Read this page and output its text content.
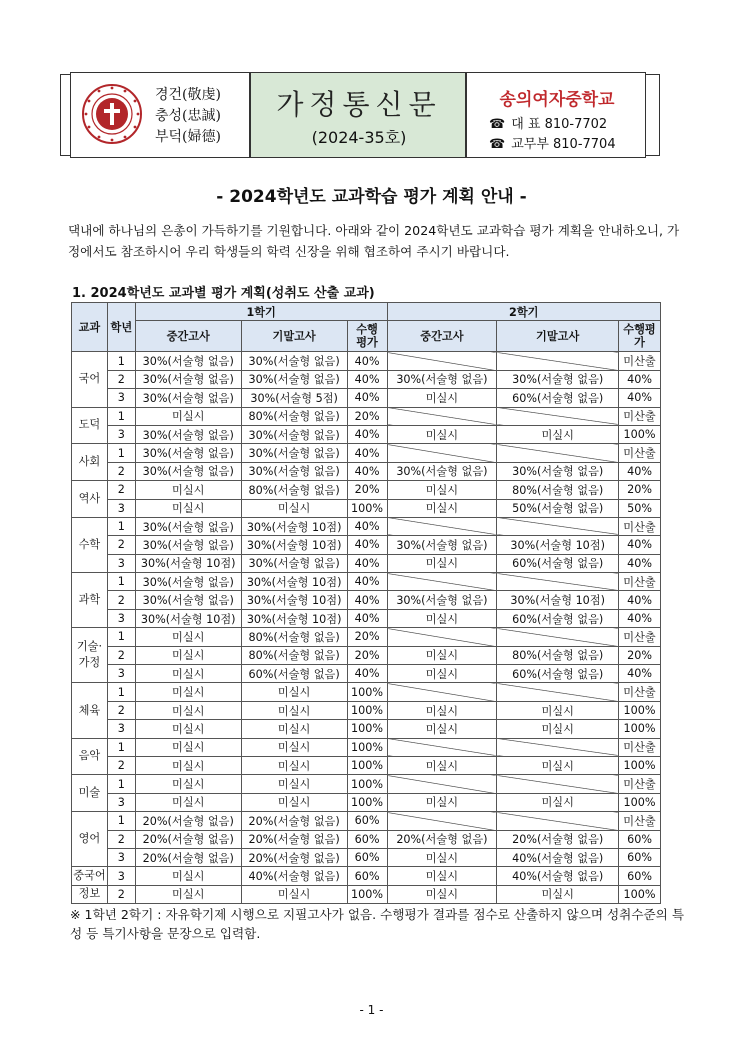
경건(敬虔)
충성(忠誠)
부덕(婦德)
가정통신문
(2024-35호)
송의여자중학교
☎ 대 표 810-7702
☎ 교무부 810-7704
- 2024학년도 교과학습 평가 계획 안내 -
댁내에 하나님의 은총이 가득하기를 기원합니다. 아래와 같이 2024학년도 교과학습 평가 계획을 안내하오니, 가정에서도 참조하시어 우리 학생들의 학력 신장을 위해 협조하여 주시기 바랍니다.
1. 2024학년도 교과별 평가 계획(성취도 산출 교과)
교과	학년	1학기			2학기		
		중간고사	기말고사	수행평가	중간고사	기말고사	수행평가
국어	1	30%(서술형 없음)	30%(서술형 없음)	40%			미산출
	2	30%(서술형 없음)	30%(서술형 없음)	40%	30%(서술형 없음)	30%(서술형 없음)	40%
	3	30%(서술형 없음)	30%(서술형 5점)	40%	미실시	60%(서술형 없음)	40%
도덕	1	미실시	80%(서술형 없음)	20%			미산출
	3	30%(서술형 없음)	30%(서술형 없음)	40%	미실시	미실시	100%
사회	1	30%(서술형 없음)	30%(서술형 없음)	40%			미산출
	2	30%(서술형 없음)	30%(서술형 없음)	40%	30%(서술형 없음)	30%(서술형 없음)	40%
역사	2	미실시	80%(서술형 없음)	20%	미실시	80%(서술형 없음)	20%
	3	미실시	미실시	100%	미실시	50%(서술형 없음)	50%
수학	1	30%(서술형 없음)	30%(서술형 10점)	40%			미산출
	2	30%(서술형 없음)	30%(서술형 10점)	40%	30%(서술형 없음)	30%(서술형 10점)	40%
	3	30%(서술형 10점)	30%(서술형 없음)	40%	미실시	60%(서술형 없음)	40%
과학	1	30%(서술형 없음)	30%(서술형 10점)	40%			미산출
	2	30%(서술형 없음)	30%(서술형 10점)	40%	30%(서술형 없음)	30%(서술형 10점)	40%
	3	30%(서술형 10점)	30%(서술형 10점)	40%	미실시	60%(서술형 없음)	40%
기술·
가정	1	미실시	80%(서술형 없음)	20%			미산출
	2	미실시	80%(서술형 없음)	20%	미실시	80%(서술형 없음)	20%
	3	미실시	60%(서술형 없음)	40%	미실시	60%(서술형 없음)	40%
체육	1	미실시	미실시	100%			미산출
	2	미실시	미실시	100%	미실시	미실시	100%
	3	미실시	미실시	100%	미실시	미실시	100%
음악	1	미실시	미실시	100%			미산출
	2	미실시	미실시	100%	미실시	미실시	100%
미술	1	미실시	미실시	100%			미산출
	3	미실시	미실시	100%	미실시	미실시	100%
영어	1	20%(서술형 없음)	20%(서술형 없음)	60%			미산출
	2	20%(서술형 없음)	20%(서술형 없음)	60%	20%(서술형 없음)	20%(서술형 없음)	60%
	3	20%(서술형 없음)	20%(서술형 없음)	60%	미실시	40%(서술형 없음)	60%
중국어	3	미실시	40%(서술형 없음)	60%	미실시	40%(서술형 없음)	60%
정보	2	미실시	미실시	100%	미실시	미실시	100%
※ 1학년 2학기 : 자유학기제 시행으로 지필고사가 없음. 수행평가 결과를 점수로 산출하지 않으며 성취수준의 특성 등 특기사항을 문장으로 입력함.
- 1 -
